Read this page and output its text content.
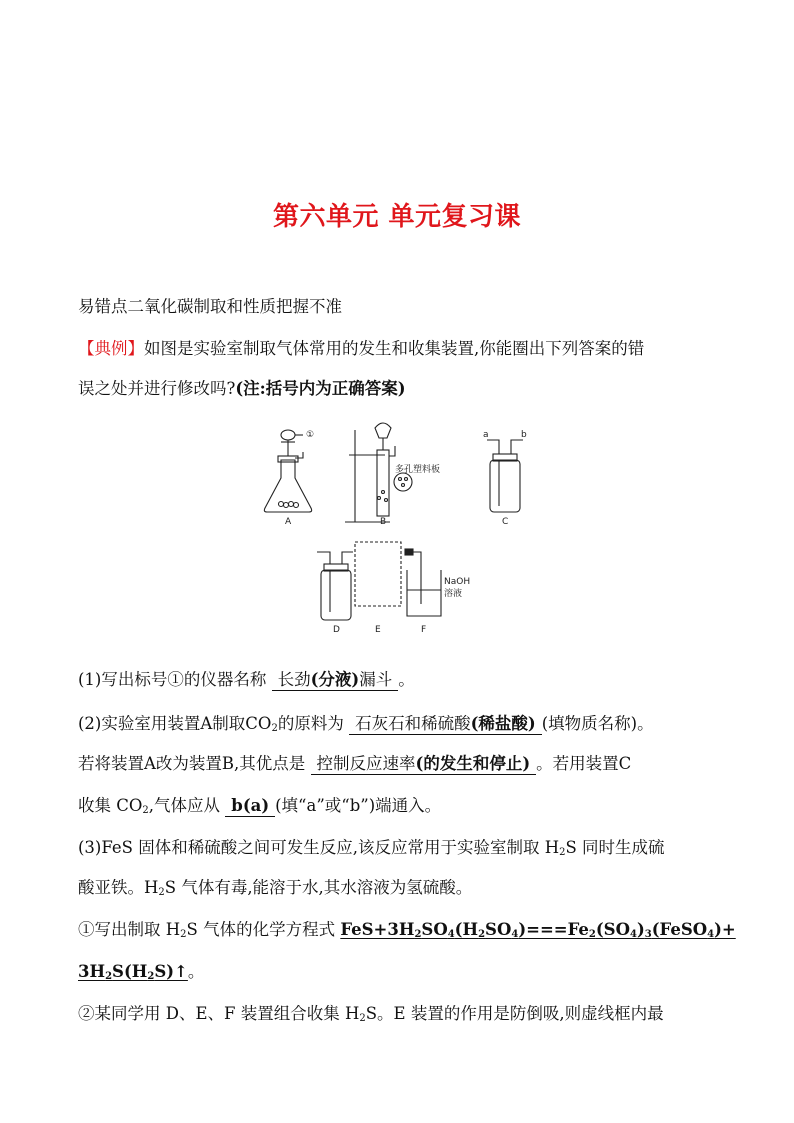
第六单元 单元复习课
易错点二氧化碳制取和性质把握不准
【典例】如图是实验室制取气体常用的发生和收集装置,你能圈出下列答案的错
误之处并进行修改吗?(注:括号内为正确答案)
①
多孔塑料板
a	b
NaOH
溶液
A	B	C
D	E	F
(1)写出标号①的仪器名称 长劲(分液)漏斗 。
(2)实验室用装置A制取$CO_2$的原料为 石灰石和稀硫酸(稀盐酸) (填物质名称)。
若将装置A改为装置B,其优点是 控制反应速率(的发生和停止) 。若用装置C
收集 $CO_2$,气体应从 b(a) (填“a”或“b”)端通入。
(3)FeS 固体和稀硫酸之间可发生反应,该反应常用于实验室制取 $H_2S$ 同时生成硫
酸亚铁。$H_2S$ 气体有毒,能溶于水,其水溶液为氢硫酸。
①写出制取 $H_2S$ 气体的化学方程式 $FeS+3H_2SO_4(H_2SO_4)===Fe_2(SO_4)_3(FeSO_4)+$
$3H_2S(H_2S)↑$。
②某同学用 D、E、F 装置组合收集 $H_2S$。E 装置的作用是防倒吸,则虚线框内最
